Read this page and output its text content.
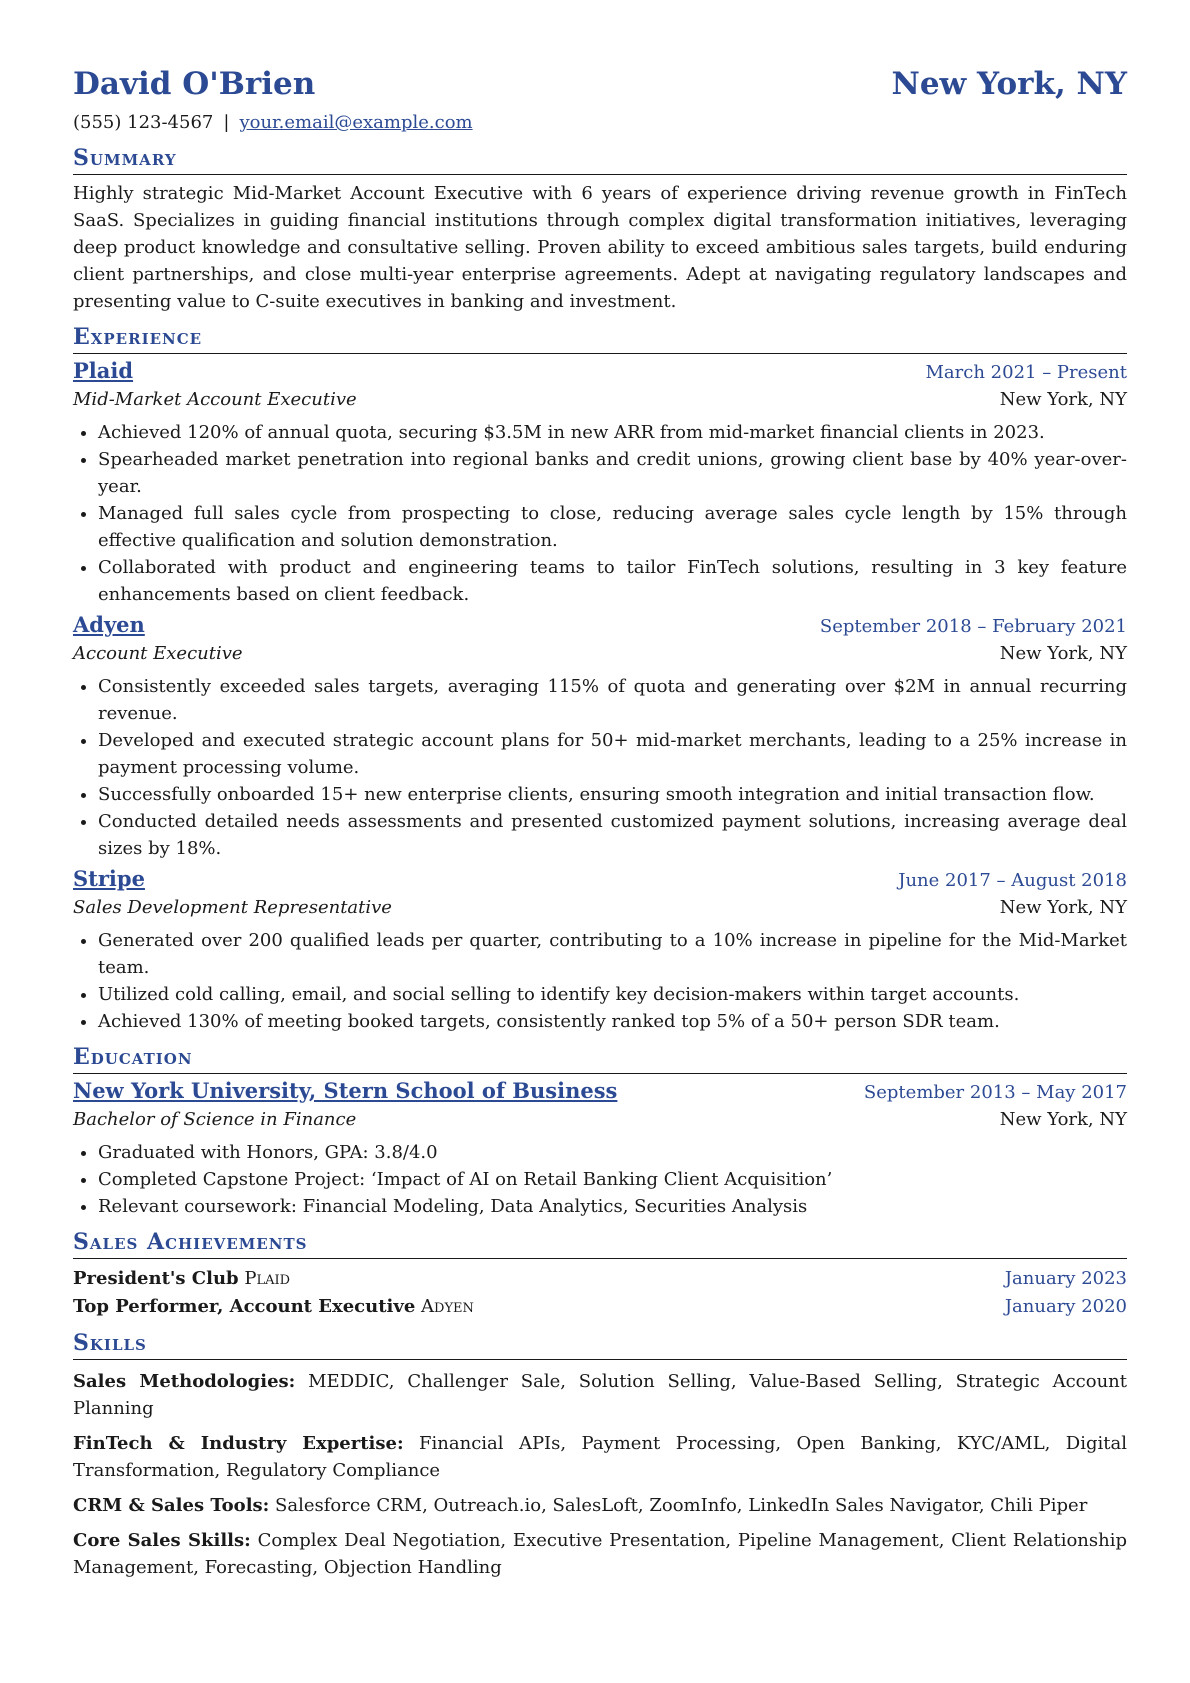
David O'Brien	New York, NY
(555) 123-4567 | your.email@example.com
Summary

Highly strategic Mid-Market Account Executive with 6 years of experience driving revenue growth in FinTech SaaS. Specializes in guiding financial institutions through complex digital transformation initiatives, leveraging deep product knowledge and consultative selling. Proven ability to exceed ambitious sales targets, build enduring client partnerships, and close multi-year enterprise agreements. Adept at navigating regulatory landscapes and presenting value to C-suite executives in banking and investment.

Experience
Plaid	March 2021 – Present
Mid-Market Account Executive	New York, NY
• Achieved 120% of annual quota, securing $3.5M in new ARR from mid-market financial clients in 2023.
• Spearheaded market penetration into regional banks and credit unions, growing client base by 40% year-over-year.
• Managed full sales cycle from prospecting to close, reducing average sales cycle length by 15% through effective qualification and solution demonstration.
• Collaborated with product and engineering teams to tailor FinTech solutions, resulting in 3 key feature enhancements based on client feedback.
Adyen	September 2018 – February 2021
Account Executive	New York, NY
• Consistently exceeded sales targets, averaging 115% of quota and generating over $2M in annual recurring revenue.
• Developed and executed strategic account plans for 50+ mid-market merchants, leading to a 25% increase in payment processing volume.
• Successfully onboarded 15+ new enterprise clients, ensuring smooth integration and initial transaction flow.
• Conducted detailed needs assessments and presented customized payment solutions, increasing average deal sizes by 18%.
Stripe	June 2017 – August 2018
Sales Development Representative	New York, NY
• Generated over 200 qualified leads per quarter, contributing to a 10% increase in pipeline for the Mid-Market team.
• Utilized cold calling, email, and social selling to identify key decision-makers within target accounts.
• Achieved 130% of meeting booked targets, consistently ranked top 5% of a 50+ person SDR team.
Education
New York University, Stern School of Business	September 2013 – May 2017
Bachelor of Science in Finance	New York, NY
• Graduated with Honors, GPA: 3.8/4.0
• Completed Capstone Project: ‘Impact of AI on Retail Banking Client Acquisition’
• Relevant coursework: Financial Modeling, Data Analytics, Securities Analysis
Sales Achievements
President's Club Plaid	January 2023
Top Performer, Account Executive Adyen	January 2020
Skills
Sales Methodologies: MEDDIC, Challenger Sale, Solution Selling, Value-Based Selling, Strategic Account Planning
FinTech & Industry Expertise: Financial APIs, Payment Processing, Open Banking, KYC/AML, Digital Transformation, Regulatory Compliance
CRM & Sales Tools: Salesforce CRM, Outreach.io, SalesLoft, ZoomInfo, LinkedIn Sales Navigator, Chili Piper
Core Sales Skills: Complex Deal Negotiation, Executive Presentation, Pipeline Management, Client Relationship Management, Forecasting, Objection Handling
